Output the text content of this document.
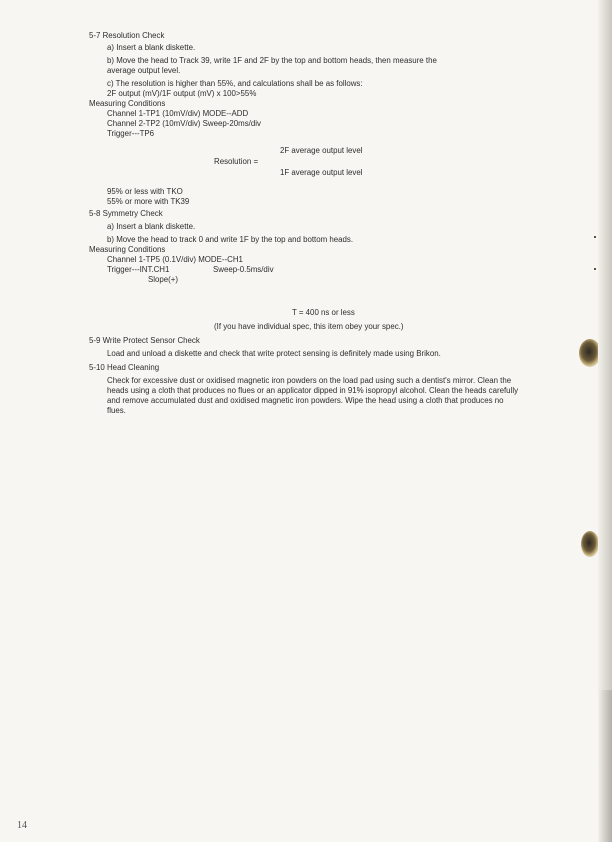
5-7 Resolution Check
a) Insert a blank diskette.
b) Move the head to Track 39, write 1F and 2F by the top and bottom heads, then measure the
average output level.
c) The resolution is higher than 55%, and calculations shall be as follows:
2F output (mV)/1F output (mV) x 100>55%
Measuring Conditions
Channel 1-TP1 (10mV/div) MODE--ADD
Channel 2-TP2 (10mV/div) Sweep-20ms/div
Trigger---TP6
2F average output level
Resolution =
1F average output level
95% or less with TKO
55% or more with TK39
5-8 Symmetry Check
a) Insert a blank diskette.
b) Move the head to track 0 and write 1F by the top and bottom heads.
Measuring Conditions
Channel 1-TP5 (0.1V/div) MODE--CH1
Trigger---INT.CH1	Sweep-0.5ms/div
Slope(+)
T = 400 ns or less
(If you have individual spec, this item obey your spec.)
5-9 Write Protect Sensor Check
Load and unload a diskette and check that write protect sensing is definitely made using Brikon.
5-10 Head Cleaning
Check for excessive dust or oxidised magnetic iron powders on the load pad using such a dentist's mirror. Clean the heads using a cloth that produces no flues or an applicator dipped in 91% isopropyl alcohol. Clean the heads carefully and remove accumulated dust and oxidised magnetic iron powders. Wipe the head using a cloth that produces no flues.
14
